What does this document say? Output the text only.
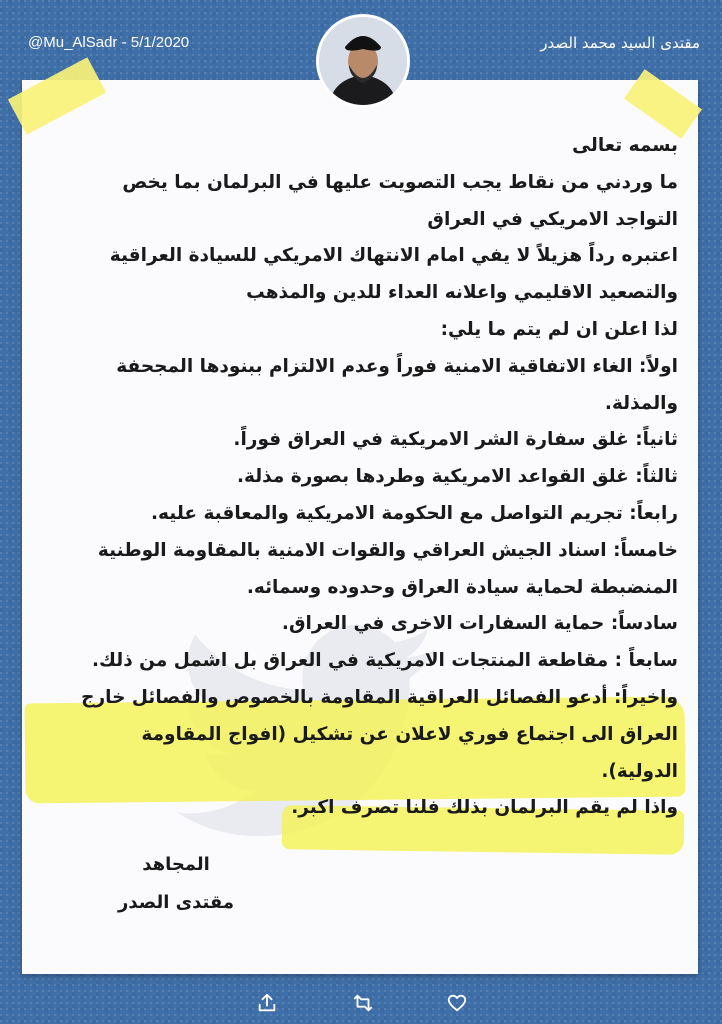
@Mu_AlSadr - 5/1/2020	مقتدى السيد محمد الصدر
بسمه تعالى
ما وردني من نقاط يجب التصويت عليها في البرلمان بما يخص
التواجد الامريكي في العراق
اعتبره رداً هزيلاً لا يفي امام الانتهاك الامريكي للسيادة العراقية
والتصعيد الاقليمي واعلانه العداء للدين والمذهب
لذا اعلن ان لم يتم ما يلي:
اولاً: الغاء الاتفاقية الامنية فوراً وعدم الالتزام ببنودها المجحفة
والمذلة.
ثانياً: غلق سفارة الشر الامريكية في العراق فوراً.
ثالثاً: غلق القواعد الامريكية وطردها بصورة مذلة.
رابعاً: تجريم التواصل مع الحكومة الامريكية والمعاقبة عليه.
خامساً: اسناد الجيش العراقي والقوات الامنية بالمقاومة الوطنية
المنضبطة لحماية سيادة العراق وحدوده وسمائه.
سادساً: حماية السفارات الاخرى في العراق.
سابعاً : مقاطعة المنتجات الامريكية في العراق بل اشمل من ذلك.
واخيراً: أدعو الفصائل العراقية المقاومة بالخصوص والفصائل خارج
العراق الى اجتماع فوري لاعلان عن تشكيل (افواج المقاومة
الدولية).
واذا لم يقم البرلمان بذلك فلنا تصرف اكبر.
المجاهد
مقتدى الصدر
